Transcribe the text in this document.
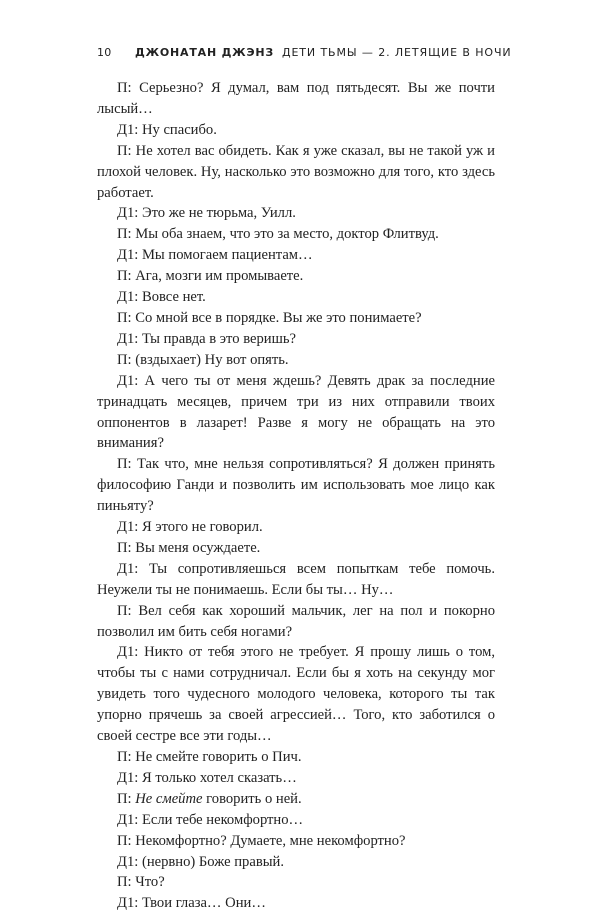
10 ДЖОНАТАН ДЖЭНЗ ДЕТИ ТЬМЫ — 2. ЛЕТЯЩИЕ В НОЧИ

П: Серьезно? Я думал, вам под пятьдесят. Вы же почти лысый…

Д1: Ну спасибо.

П: Не хотел вас обидеть. Как я уже сказал, вы не такой уж и плохой человек. Ну, насколько это возможно для того, кто здесь работает.

Д1: Это же не тюрьма, Уилл.

П: Мы оба знаем, что это за место, доктор Флитвуд.

Д1: Мы помогаем пациентам…

П: Ага, мозги им промываете.

Д1: Вовсе нет.

П: Со мной все в порядке. Вы же это понимаете?

Д1: Ты правда в это веришь?

П: (вздыхает) Ну вот опять.

Д1: А чего ты от меня ждешь? Девять драк за последние тринадцать месяцев, причем три из них отправили твоих оппонентов в лазарет! Разве я могу не обращать на это внимания?

П: Так что, мне нельзя сопротивляться? Я должен принять философию Ганди и позволить им использовать мое лицо как пиньяту?

Д1: Я этого не говорил.

П: Вы меня осуждаете.

Д1: Ты сопротивляешься всем попыткам тебе помочь. Неужели ты не понимаешь. Если бы ты… Ну…

П: Вел себя как хороший мальчик, лег на пол и покорно позволил им бить себя ногами?

Д1: Никто от тебя этого не требует. Я прошу лишь о том, чтобы ты с нами сотрудничал. Если бы я хоть на секунду мог увидеть того чудесного молодого человека, которого ты так упорно прячешь за своей агрессией… Того, кто заботился о своей сестре все эти годы…

П: Не смейте говорить о Пич.

Д1: Я только хотел сказать…

П: Не смейте говорить о ней.

Д1: Если тебе некомфортно…

П: Некомфортно? Думаете, мне некомфортно?

Д1: (нервно) Боже правый.

П: Что?

Д1: Твои глаза… Они…
